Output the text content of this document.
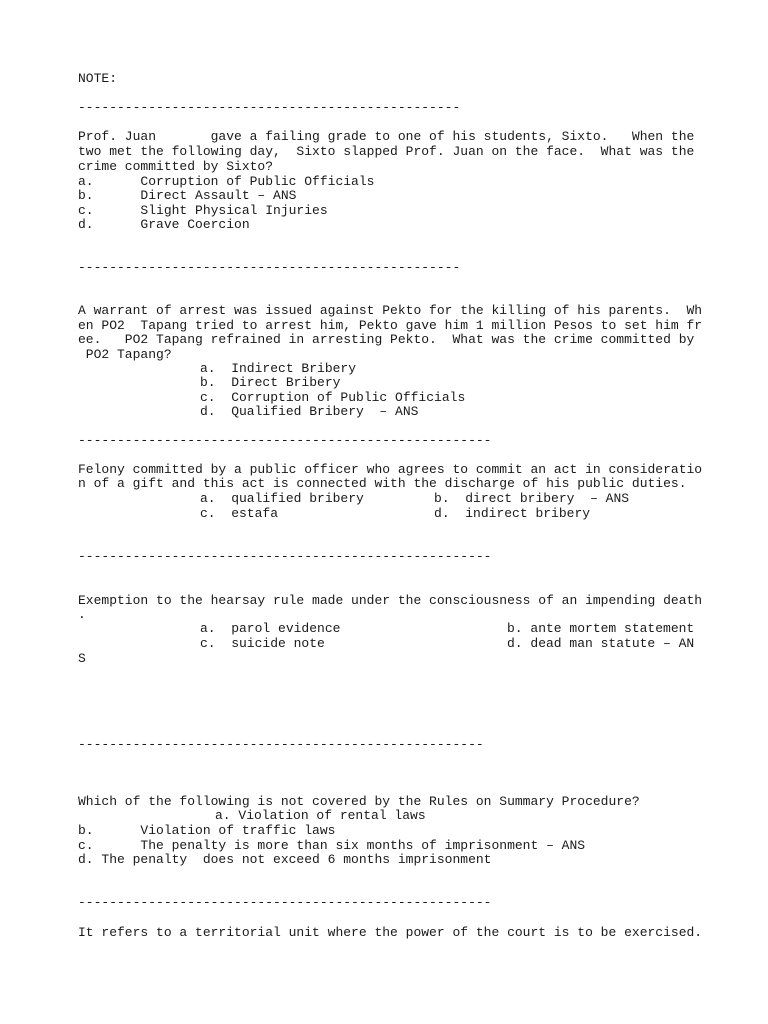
NOTE:
-------------------------------------------------
Prof. Juan       gave a failing grade to one of his students, Sixto.   When the
two met the following day,  Sixto slapped Prof. Juan on the face.  What was the
crime committed by Sixto?
a.      Corruption of Public Officials
b.      Direct Assault – ANS
c.      Slight Physical Injuries
d.      Grave Coercion
-------------------------------------------------
A warrant of arrest was issued against Pekto for the killing of his parents.  Wh
en PO2  Tapang tried to arrest him, Pekto gave him 1 million Pesos to set him fr
ee.   PO2 Tapang refrained in arresting Pekto.  What was the crime committed by
PO2 Tapang?
a.  Indirect Bribery
b.  Direct Bribery
c.  Corruption of Public Officials
d.  Qualified Bribery  – ANS
-----------------------------------------------------
Felony committed by a public officer who agrees to commit an act in consideratio
n of a gift and this act is connected with the discharge of his public duties.
a.  qualified bribery         b.  direct bribery  – ANS
c.  estafa                    d.  indirect bribery
-----------------------------------------------------
Exemption to the hearsay rule made under the consciousness of an impending death
.
a.  parol evidence
c.  suicide note
b. ante mortem statement
d. dead man statute – AN
S
----------------------------------------------------
Which of the following is not covered by the Rules on Summary Procedure?
a. Violation of rental laws
b.      Violation of traffic laws
c.      The penalty is more than six months of imprisonment – ANS
d. The penalty  does not exceed 6 months imprisonment
-----------------------------------------------------
It refers to a territorial unit where the power of the court is to be exercised.
